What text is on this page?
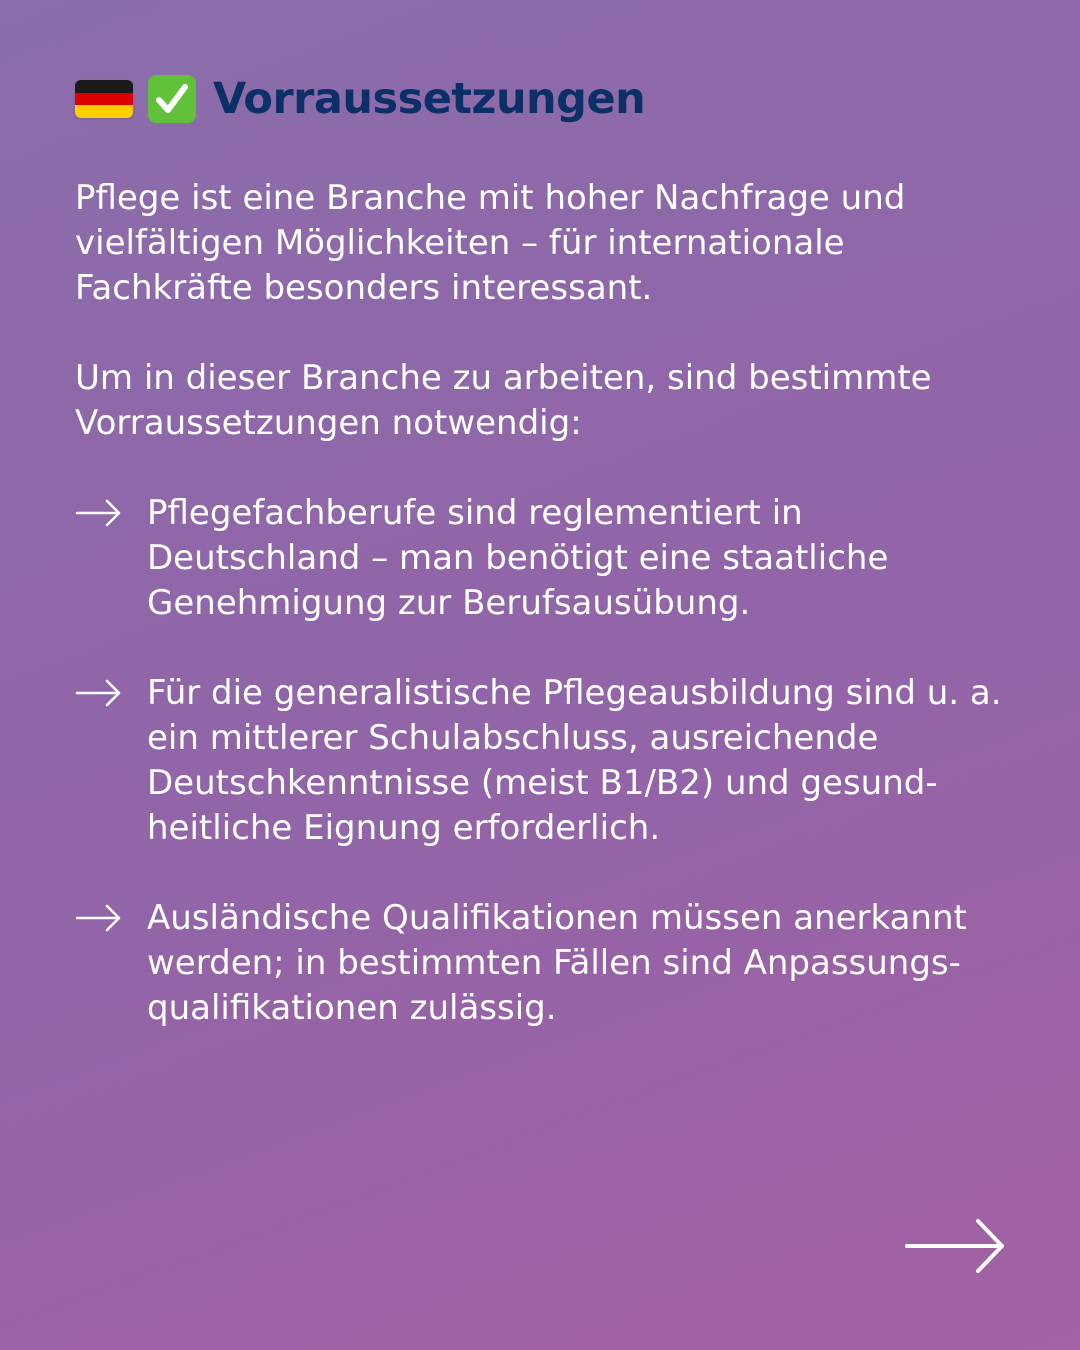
Vorraussetzungen

Pflege ist eine Branche mit hoher Nachfrage und vielfältigen Möglichkeiten – für internationale Fachkräfte besonders interessant.

Um in dieser Branche zu arbeiten, sind bestimmte Vorraussetzungen notwendig:

Pflegefachberufe sind reglementiert in Deutschland – man benötigt eine staatliche Genehmigung zur Berufsausübung.
Für die generalistische Pflegeausbildung sind u. a. ein mittlerer Schulabschluss, ausreichende Deutschkenntnisse (meist B1/B2) und gesund-heitliche Eignung erforderlich.
Ausländische Qualifikationen müssen anerkannt werden; in bestimmten Fällen sind Anpassungs-qualifikationen zulässig.
